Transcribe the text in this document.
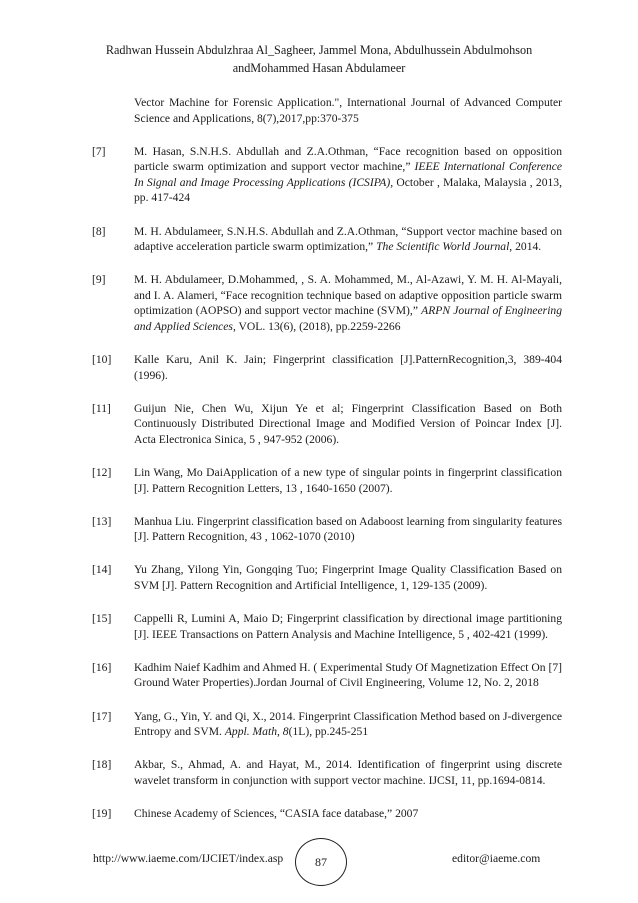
Radhwan Hussein Abdulzhraa Al_Sagheer, Jammel Mona, Abdulhussein Abdulmohson
andMohammed Hasan Abdulameer
Vector Machine for Forensic Application.", International Journal of Advanced Computer Science and Applications, 8(7),2017,pp:370-375
[7] M. Hasan, S.N.H.S. Abdullah and Z.A.Othman, “Face recognition based on opposition particle swarm optimization and support vector machine,” IEEE International Conference In Signal and Image Processing Applications (ICSIPA), October , Malaka, Malaysia , 2013, pp. 417-424
[8] M. H. Abdulameer, S.N.H.S. Abdullah and Z.A.Othman, “Support vector machine based on adaptive acceleration particle swarm optimization,” The Scientific World Journal, 2014.
[9] M. H. Abdulameer, D.Mohammed, , S. A. Mohammed, M., Al-Azawi, Y. M. H. Al-Mayali, and I. A. Alameri, “Face recognition technique based on adaptive opposition particle swarm optimization (AOPSO) and support vector machine (SVM),” ARPN Journal of Engineering and Applied Sciences, VOL. 13(6), (2018), pp.2259-2266
[10] Kalle Karu, Anil K. Jain; Fingerprint classification [J].PatternRecognition,3, 389-404 (1996).
[11] Guijun Nie, Chen Wu, Xijun Ye et al; Fingerprint Classification Based on Both Continuously Distributed Directional Image and Modified Version of Poincar Index [J]. Acta Electronica Sinica, 5 , 947-952 (2006).
[12] Lin Wang, Mo DaiApplication of a new type of singular points in fingerprint classification [J]. Pattern Recognition Letters, 13 , 1640-1650 (2007).
[13] Manhua Liu. Fingerprint classification based on Adaboost learning from singularity features [J]. Pattern Recognition, 43 , 1062-1070 (2010)
[14] Yu Zhang, Yilong Yin, Gongqing Tuo; Fingerprint Image Quality Classification Based on SVM [J]. Pattern Recognition and Artificial Intelligence, 1, 129-135 (2009).
[15] Cappelli R, Lumini A, Maio D; Fingerprint classification by directional image partitioning [J]. IEEE Transactions on Pattern Analysis and Machine Intelligence, 5 , 402-421 (1999).
[16] Kadhim Naief Kadhim and Ahmed H. ( Experimental Study Of Magnetization Effect On [7] Ground Water Properties).Jordan Journal of Civil Engineering, Volume 12, No. 2, 2018
[17] Yang, G., Yin, Y. and Qi, X., 2014. Fingerprint Classification Method based on J-divergence Entropy and SVM. Appl. Math, 8(1L), pp.245-251
[18] Akbar, S., Ahmad, A. and Hayat, M., 2014. Identification of fingerprint using discrete wavelet transform in conjunction with support vector machine. IJCSI, 11, pp.1694-0814.
[19] Chinese Academy of Sciences, “CASIA face database,” 2007
http://www.iaeme.com/IJCIET/index.asp	87	editor@iaeme.com
